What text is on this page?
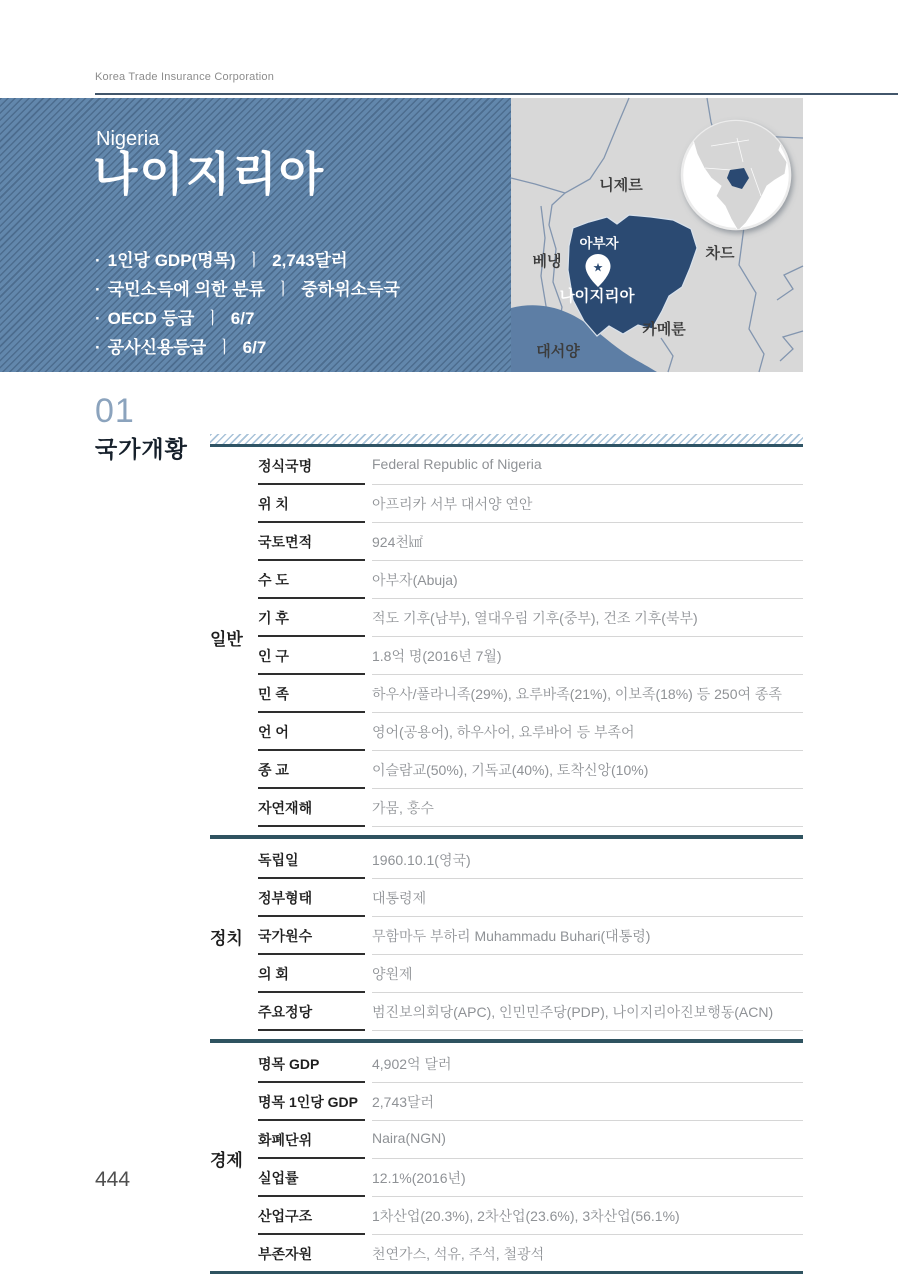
Korea Trade Insurance Corporation
Nigeria
나이지리아
· 1인당 GDP(명목) ㅣ 2,743달러
· 국민소득에 의한 분류 ㅣ 중하위소득국
· OECD 등급 ㅣ 6/7
· 공사신용등급 ㅣ 6/7
니제르
차드
베냉
카메룬
대서양
아부자
나이지리아
★
01
국가개황
일반
정식국명	Federal Republic of Nigeria
위 치	아프리카 서부 대서양 연안
국토면적	924천㎢
수 도	아부자(Abuja)
기 후	적도 기후(남부), 열대우림 기후(중부), 건조 기후(북부)
인 구	1.8억 명(2016년 7월)
민 족	하우사/풀라니족(29%), 요루바족(21%), 이보족(18%) 등 250여 종족
언 어	영어(공용어), 하우사어, 요루바어 등 부족어
종 교	이슬람교(50%), 기독교(40%), 토착신앙(10%)
자연재해	가뭄, 홍수
정치
독립일	1960.10.1(영국)
정부형태	대통령제
국가원수	무함마두 부하리 Muhammadu Buhari(대통령)
의 회	양원제
주요정당	범진보의회당(APC), 인민민주당(PDP), 나이지리아진보행동(ACN)
경제
명목 GDP	4,902억 달러
명목 1인당 GDP	2,743달러
화폐단위	Naira(NGN)
실업률	12.1%(2016년)
산업구조	1차산업(20.3%), 2차산업(23.6%), 3차산업(56.1%)
부존자원	천연가스, 석유, 주석, 철광석
444
